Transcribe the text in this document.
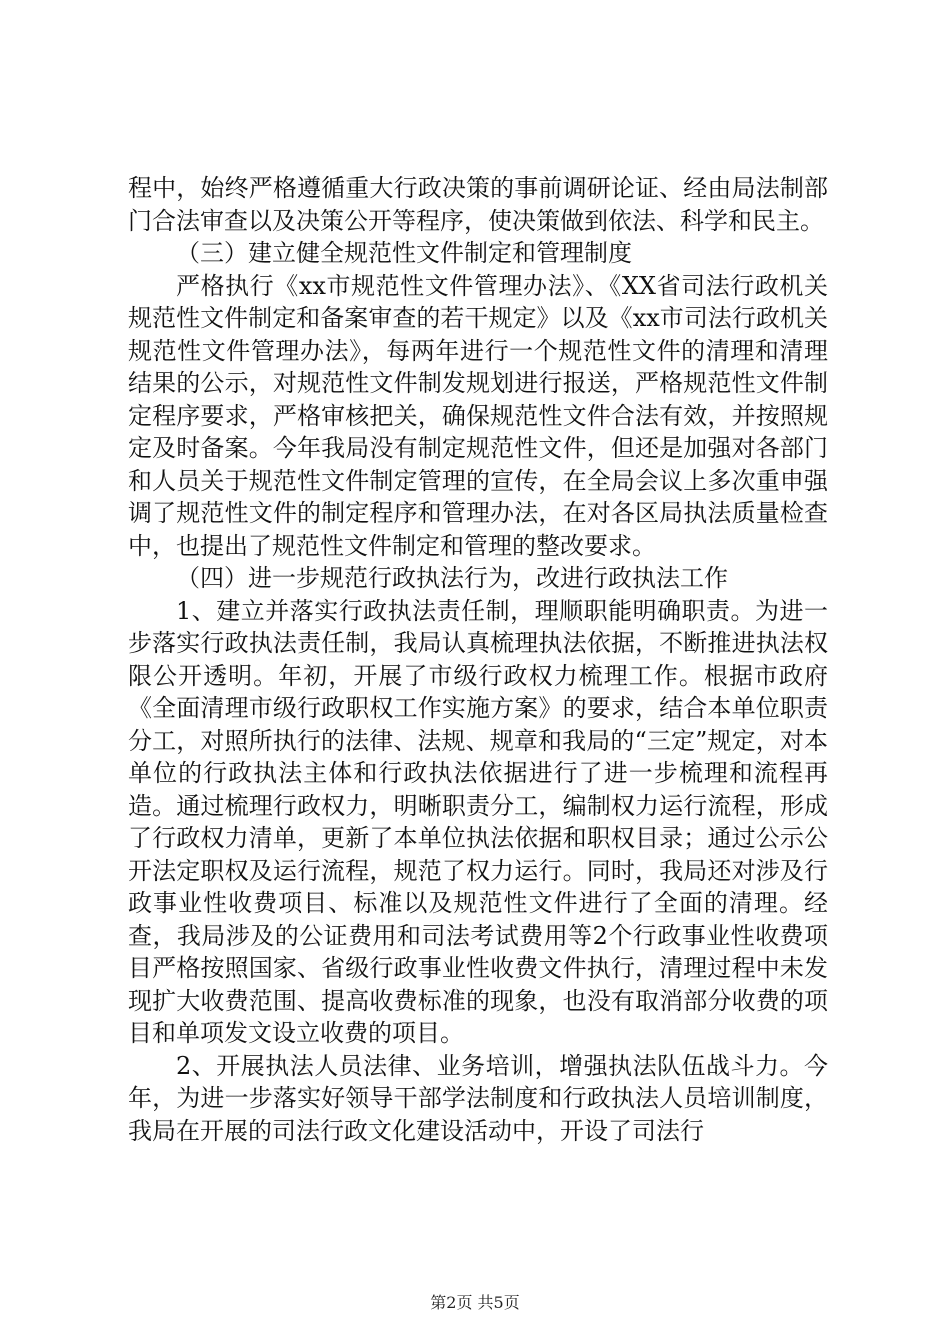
程中，始终严格遵循重大行政决策的事前调研论证、经由局法制部门合法审查以及决策公开等程序，使决策做到依法、科学和民主。

（三）建立健全规范性文件制定和管理制度

严格执行《xx市规范性文件管理办法》、《XX省司法行政机关规范性文件制定和备案审查的若干规定》以及《xx市司法行政机关规范性文件管理办法》，每两年进行一个规范性文件的清理和清理结果的公示，对规范性文件制发规划进行报送，严格规范性文件制定程序要求，严格审核把关，确保规范性文件合法有效，并按照规定及时备案。今年我局没有制定规范性文件，但还是加强对各部门和人员关于规范性文件制定管理的宣传，在全局会议上多次重申强调了规范性文件的制定程序和管理办法，在对各区局执法质量检查中，也提出了规范性文件制定和管理的整改要求。

（四）进一步规范行政执法行为，改进行政执法工作

1、建立并落实行政执法责任制，理顺职能明确职责。为进一步落实行政执法责任制，我局认真梳理执法依据，不断推进执法权限公开透明。年初，开展了市级行政权力梳理工作。根据市政府《全面清理市级行政职权工作实施方案》的要求，结合本单位职责分工，对照所执行的法律、法规、规章和我局的“三定”规定，对本单位的行政执法主体和行政执法依据进行了进一步梳理和流程再造。通过梳理行政权力，明晰职责分工，编制权力运行流程，形成了行政权力清单，更新了本单位执法依据和职权目录；通过公示公开法定职权及运行流程，规范了权力运行。同时，我局还对涉及行政事业性收费项目、标准以及规范性文件进行了全面的清理。经查，我局涉及的公证费用和司法考试费用等2个行政事业性收费项目严格按照国家、省级行政事业性收费文件执行，清理过程中未发现扩大收费范围、提高收费标准的现象，也没有取消部分收费的项目和单项发文设立收费的项目。

2、开展执法人员法律、业务培训，增强执法队伍战斗力。今年，为进一步落实好领导干部学法制度和行政执法人员培训制度，我局在开展的司法行政文化建设活动中，开设了司法行

第2页 共5页
